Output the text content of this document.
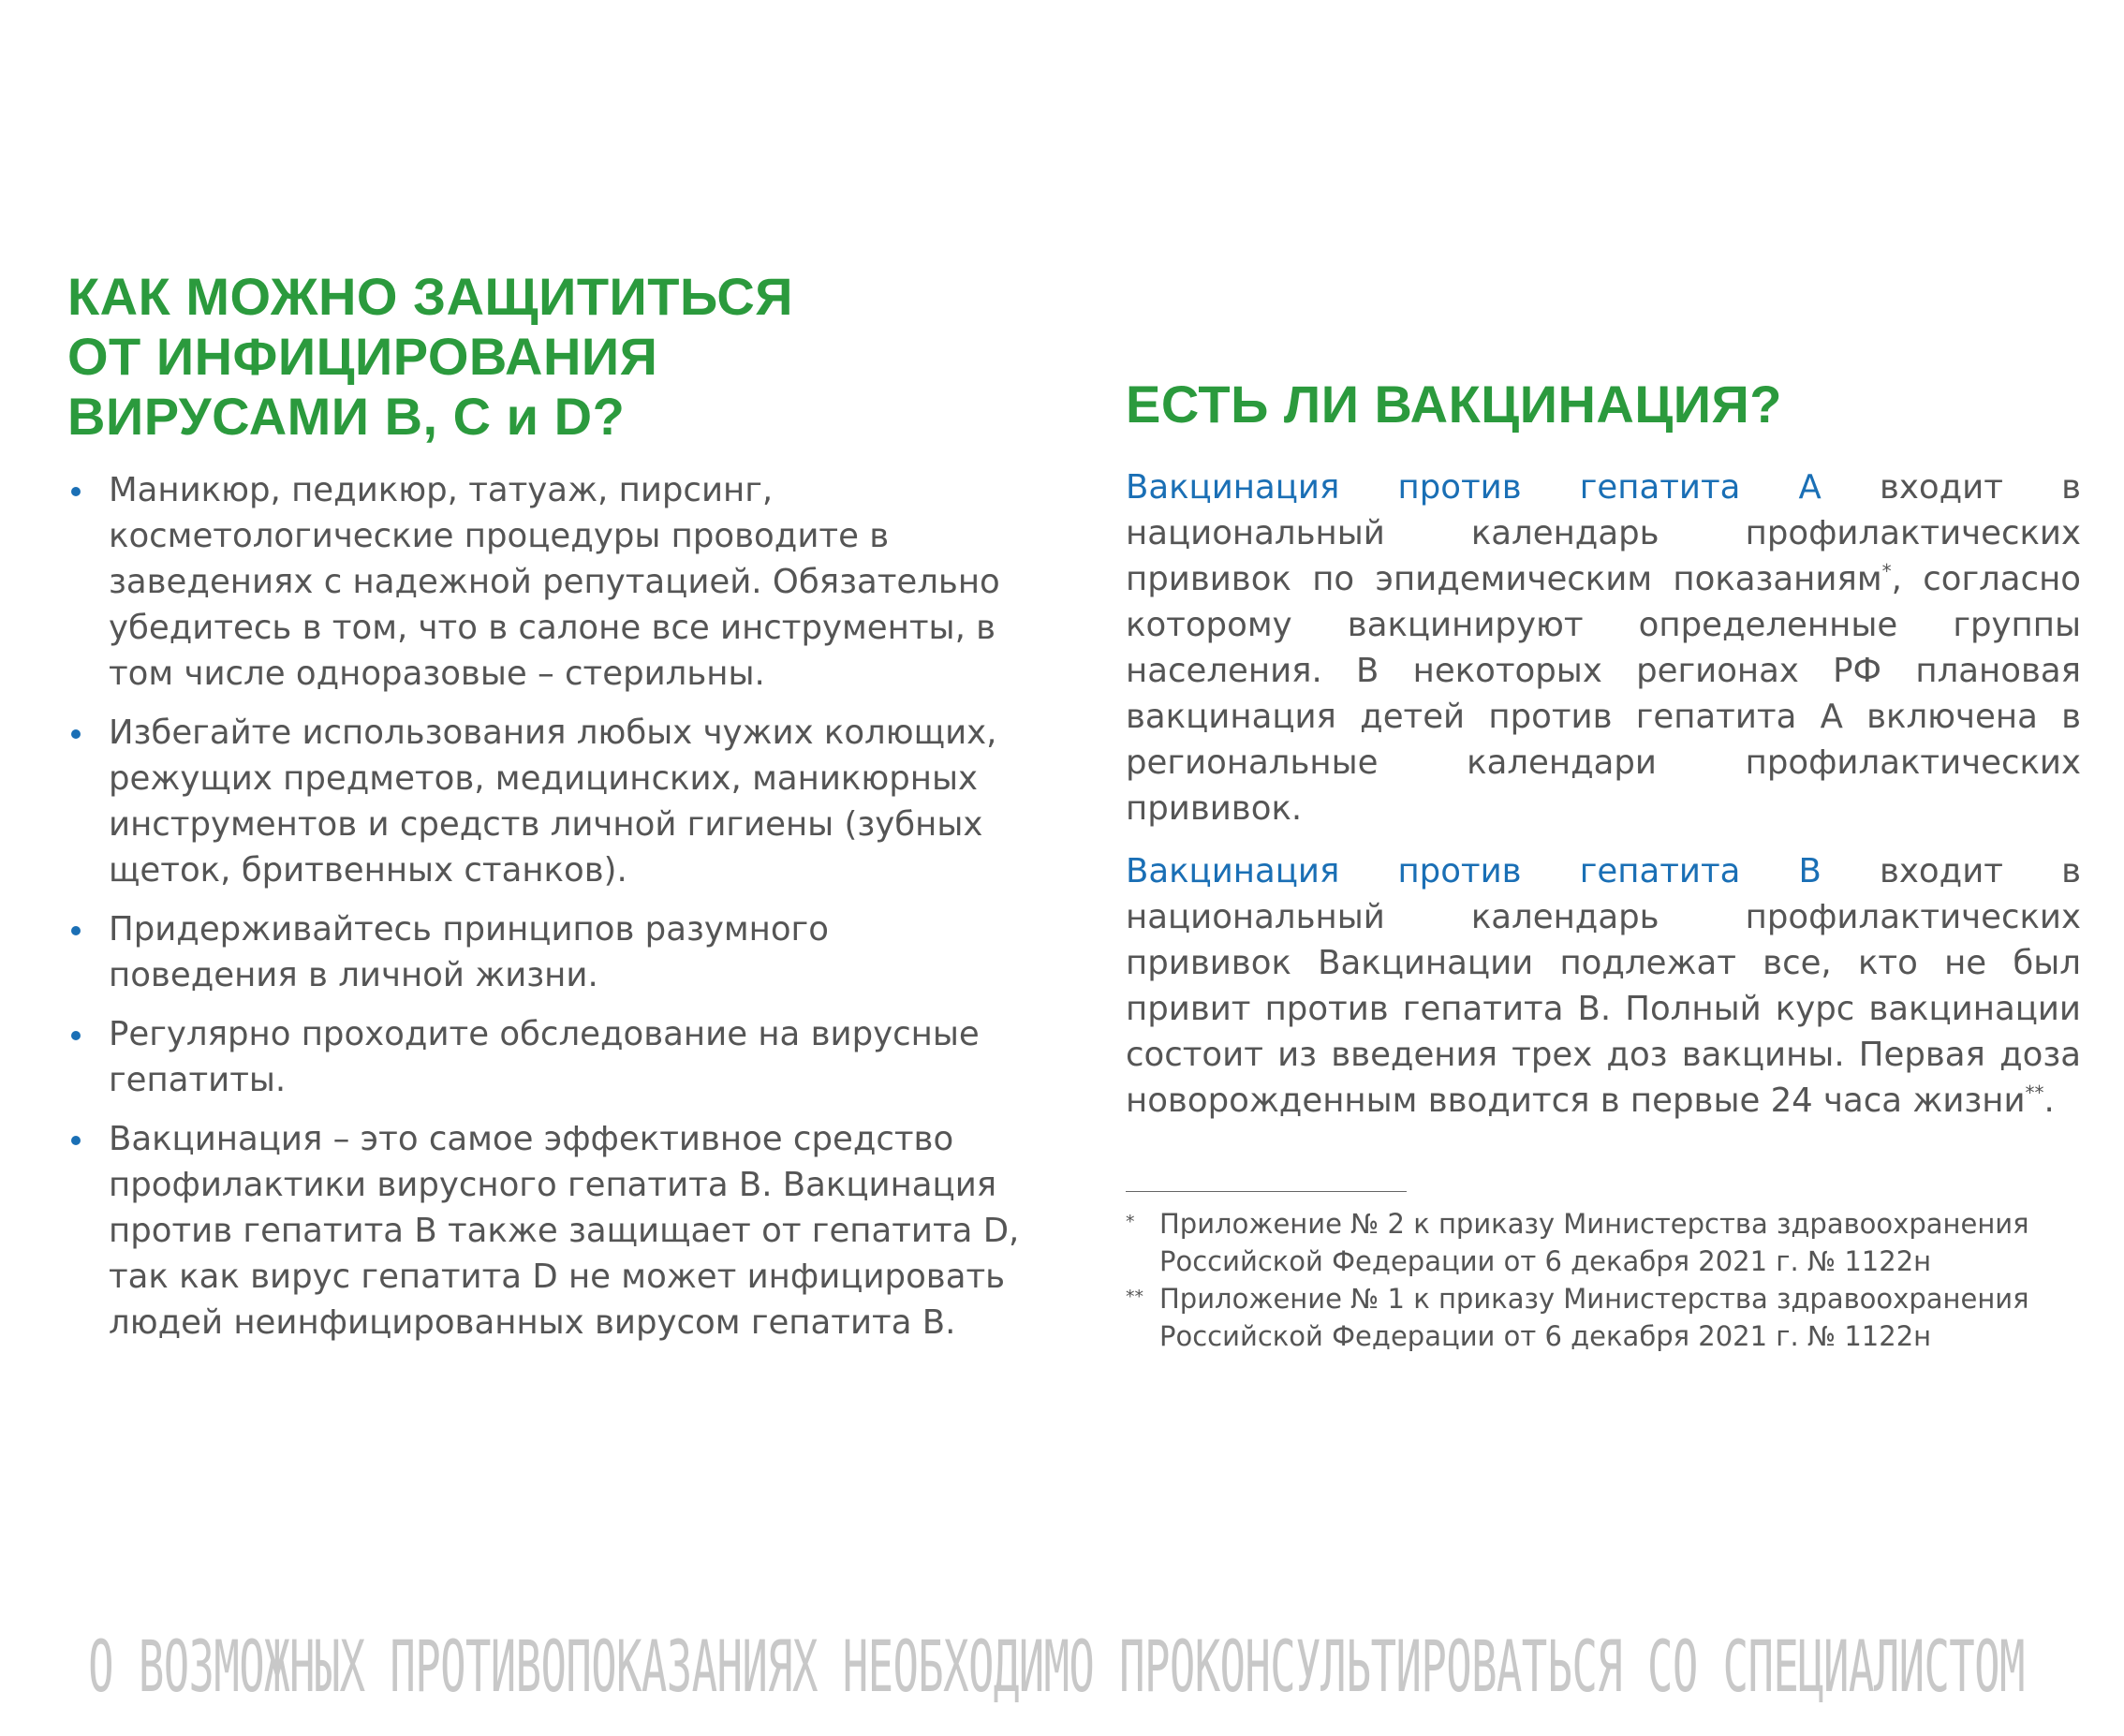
КАК МОЖНО ЗАЩИТИТЬСЯ
ОТ ИНФИЦИРОВАНИЯ
ВИРУСАМИ В, С и D?
Маникюр, педикюр, татуаж, пирсинг, косметологические процедуры проводите в заведениях с надежной репутацией. Обязательно убедитесь в том, что в салоне все инструменты, в том числе одноразовые – стерильны.
Избегайте использования любых чужих колющих, режущих предметов, медицинских, маникюрных инструментов и средств личной гигиены (зубных щеток, бритвенных станков).
Придерживайтесь принципов разумного поведения в личной жизни.
Регулярно проходите обследование на вирусные гепатиты.
Вакцинация – это самое эффективное средство профилактики вирусного гепатита В. Вакцинация против гепатита В также защищает от гепатита D, так как вирус гепатита D не может инфицировать людей неинфицированных вирусом гепатита В.
ЕСТЬ ЛИ ВАКЦИНАЦИЯ?

Вакцинация против гепатита А входит в национальный календарь профилактических прививок по эпидемическим показаниям*, согласно которому вакцинируют определенные группы населения. В некоторых регионах РФ плановая вакцинация детей против гепатита А включена в региональные календари профилактических прививок.

Вакцинация против гепатита В входит в национальный календарь профилактических прививок Вакцинации подлежат все, кто не был привит против гепатита В. Полный курс вакцинации состоит из введения трех доз вакцины. Первая доза новорожденным вводится в первые 24 часа жизни**.

* Приложение № 2 к приказу Министерства здравоохранения Российской Федерации от 6 декабря 2021 г. № 1122н
** Приложение № 1 к приказу Министерства здравоохранения Российской Федерации от 6 декабря 2021 г. № 1122н
О ВОЗМОЖНЫХ ПРОТИВОПОКАЗАНИЯХ НЕОБХОДИМО ПРОКОНСУЛЬТИРОВАТЬСЯ СО СПЕЦИАЛИСТОМ
